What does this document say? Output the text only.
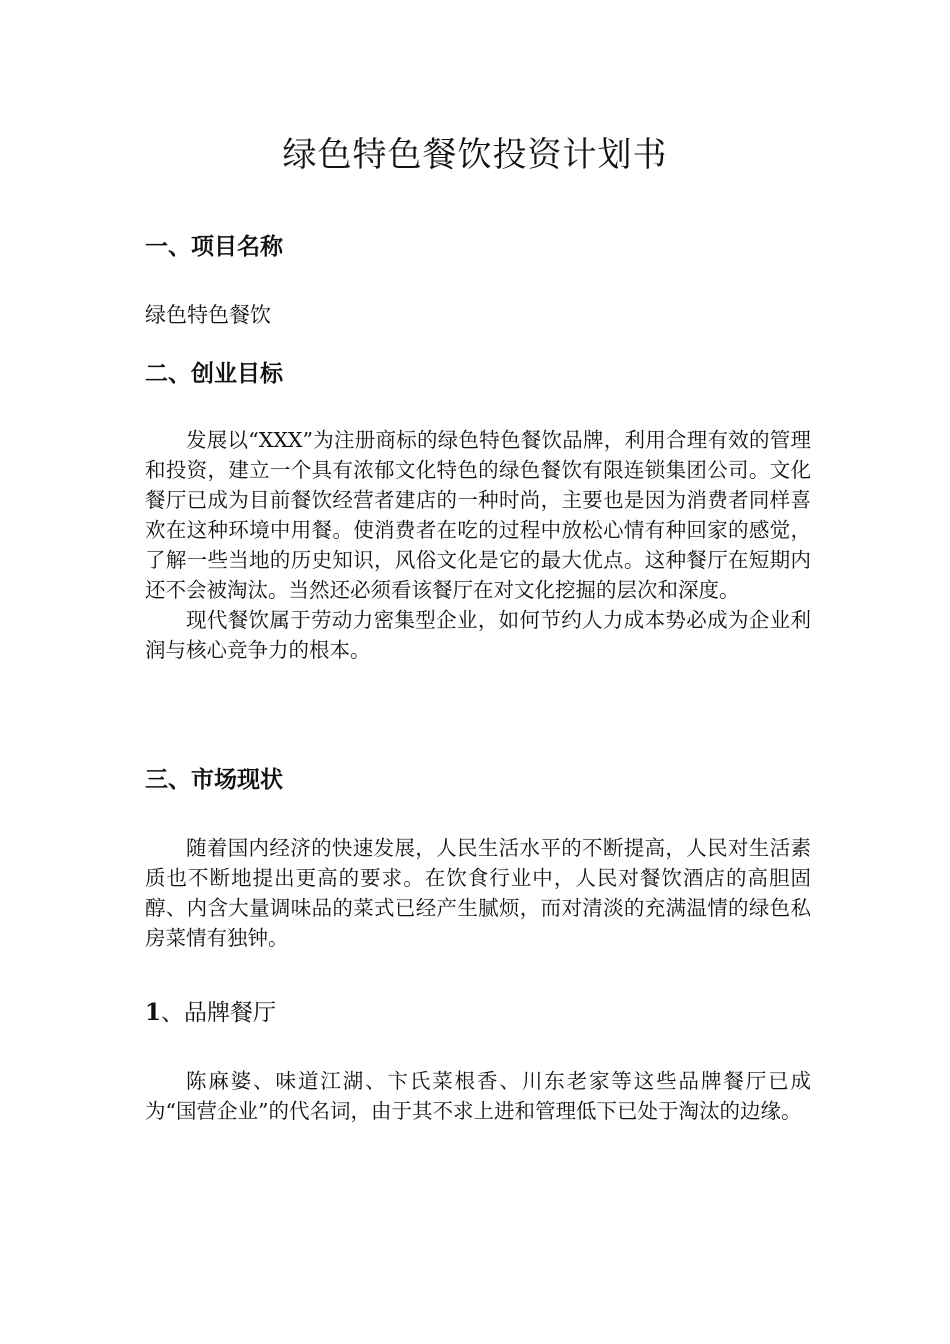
绿色特色餐饮投资计划书
一、项目名称

绿色特色餐饮

二、创业目标

发展以“XXX”为注册商标的绿色特色餐饮品牌，利用合理有效的管理和投资，建立一个具有浓郁文化特色的绿色餐饮有限连锁集团公司。文化餐厅已成为目前餐饮经营者建店的一种时尚，主要也是因为消费者同样喜欢在这种环境中用餐。使消费者在吃的过程中放松心情有种回家的感觉，了解一些当地的历史知识，风俗文化是它的最大优点。这种餐厅在短期内还不会被淘汰。当然还必须看该餐厅在对文化挖掘的层次和深度。

现代餐饮属于劳动力密集型企业，如何节约人力成本势必成为企业利润与核心竞争力的根本。

三、市场现状

随着国内经济的快速发展，人民生活水平的不断提高，人民对生活素质也不断地提出更高的要求。在饮食行业中，人民对餐饮酒店的高胆固醇、内含大量调味品的菜式已经产生腻烦，而对清淡的充满温情的绿色私房菜情有独钟。

1、品牌餐厅

陈麻婆、味道江湖、卞氏菜根香、川东老家等这些品牌餐厅已成为“国营企业”的代名词，由于其不求上进和管理低下已处于淘汰的边缘。
